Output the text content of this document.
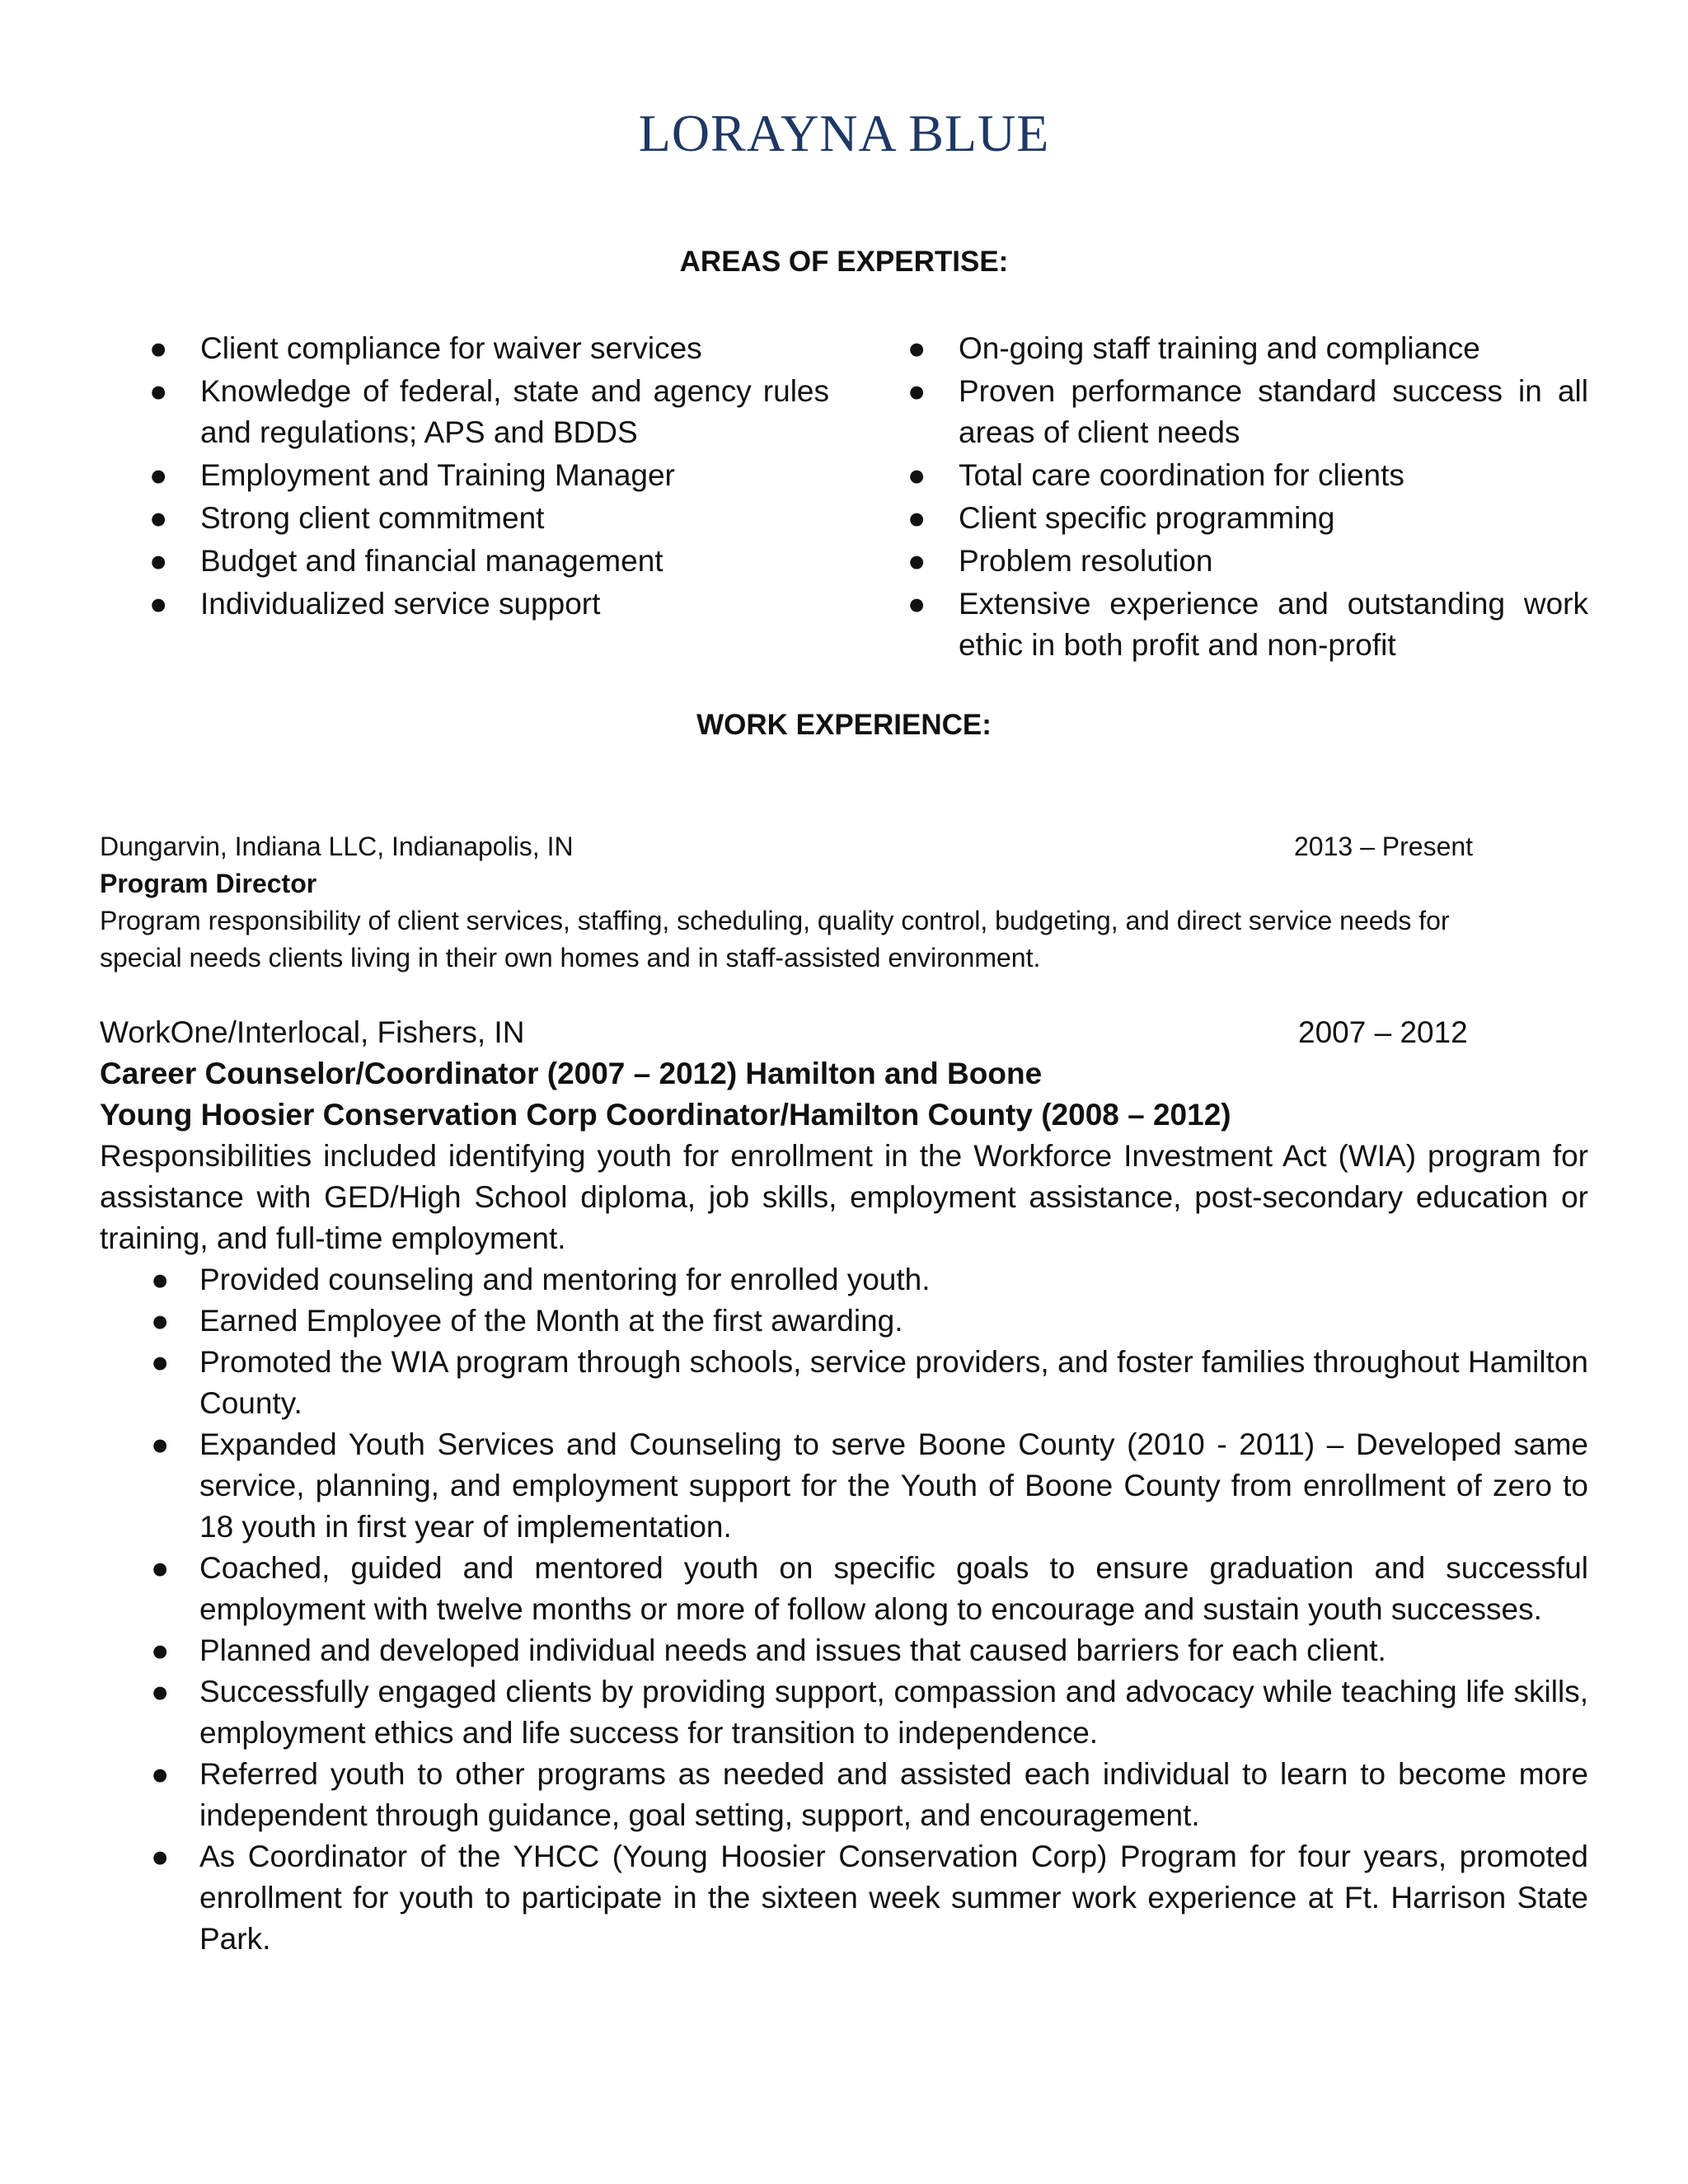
LORAYNA BLUE
AREAS OF EXPERTISE:
● Client compliance for waiver services
● Knowledge of federal, state and agency rules and regulations; APS and BDDS
● Employment and Training Manager
● Strong client commitment
● Budget and financial management
● Individualized service support
● On-going staff training and compliance
● Proven performance standard success in all areas of client needs
● Total care coordination for clients
● Client specific programming
● Problem resolution
● Extensive experience and outstanding work ethic in both profit and non-profit
WORK EXPERIENCE:
Dungarvin, Indiana LLC, Indianapolis, IN	2013 – Present
Program Director
Program responsibility of client services, staffing, scheduling, quality control, budgeting, and direct service needs for special needs clients living in their own homes and in staff-assisted environment.
WorkOne/Interlocal, Fishers, IN	2007 – 2012
Career Counselor/Coordinator (2007 – 2012) Hamilton and Boone
Young Hoosier Conservation Corp Coordinator/Hamilton County (2008 – 2012)
Responsibilities included identifying youth for enrollment in the Workforce Investment Act (WIA) program for assistance with GED/High School diploma, job skills, employment assistance, post-secondary education or training, and full-time employment.
● Provided counseling and mentoring for enrolled youth.
● Earned Employee of the Month at the first awarding.
● Promoted the WIA program through schools, service providers, and foster families throughout Hamilton County.
● Expanded Youth Services and Counseling to serve Boone County (2010 - 2011) – Developed same service, planning, and employment support for the Youth of Boone County from enrollment of zero to 18 youth in first year of implementation.
● Coached, guided and mentored youth on specific goals to ensure graduation and successful employment with twelve months or more of follow along to encourage and sustain youth successes.
● Planned and developed individual needs and issues that caused barriers for each client.
● Successfully engaged clients by providing support, compassion and advocacy while teaching life skills, employment ethics and life success for transition to independence.
● Referred youth to other programs as needed and assisted each individual to learn to become more independent through guidance, goal setting, support, and encouragement.
● As Coordinator of the YHCC (Young Hoosier Conservation Corp) Program for four years, promoted enrollment for youth to participate in the sixteen week summer work experience at Ft. Harrison State Park.
